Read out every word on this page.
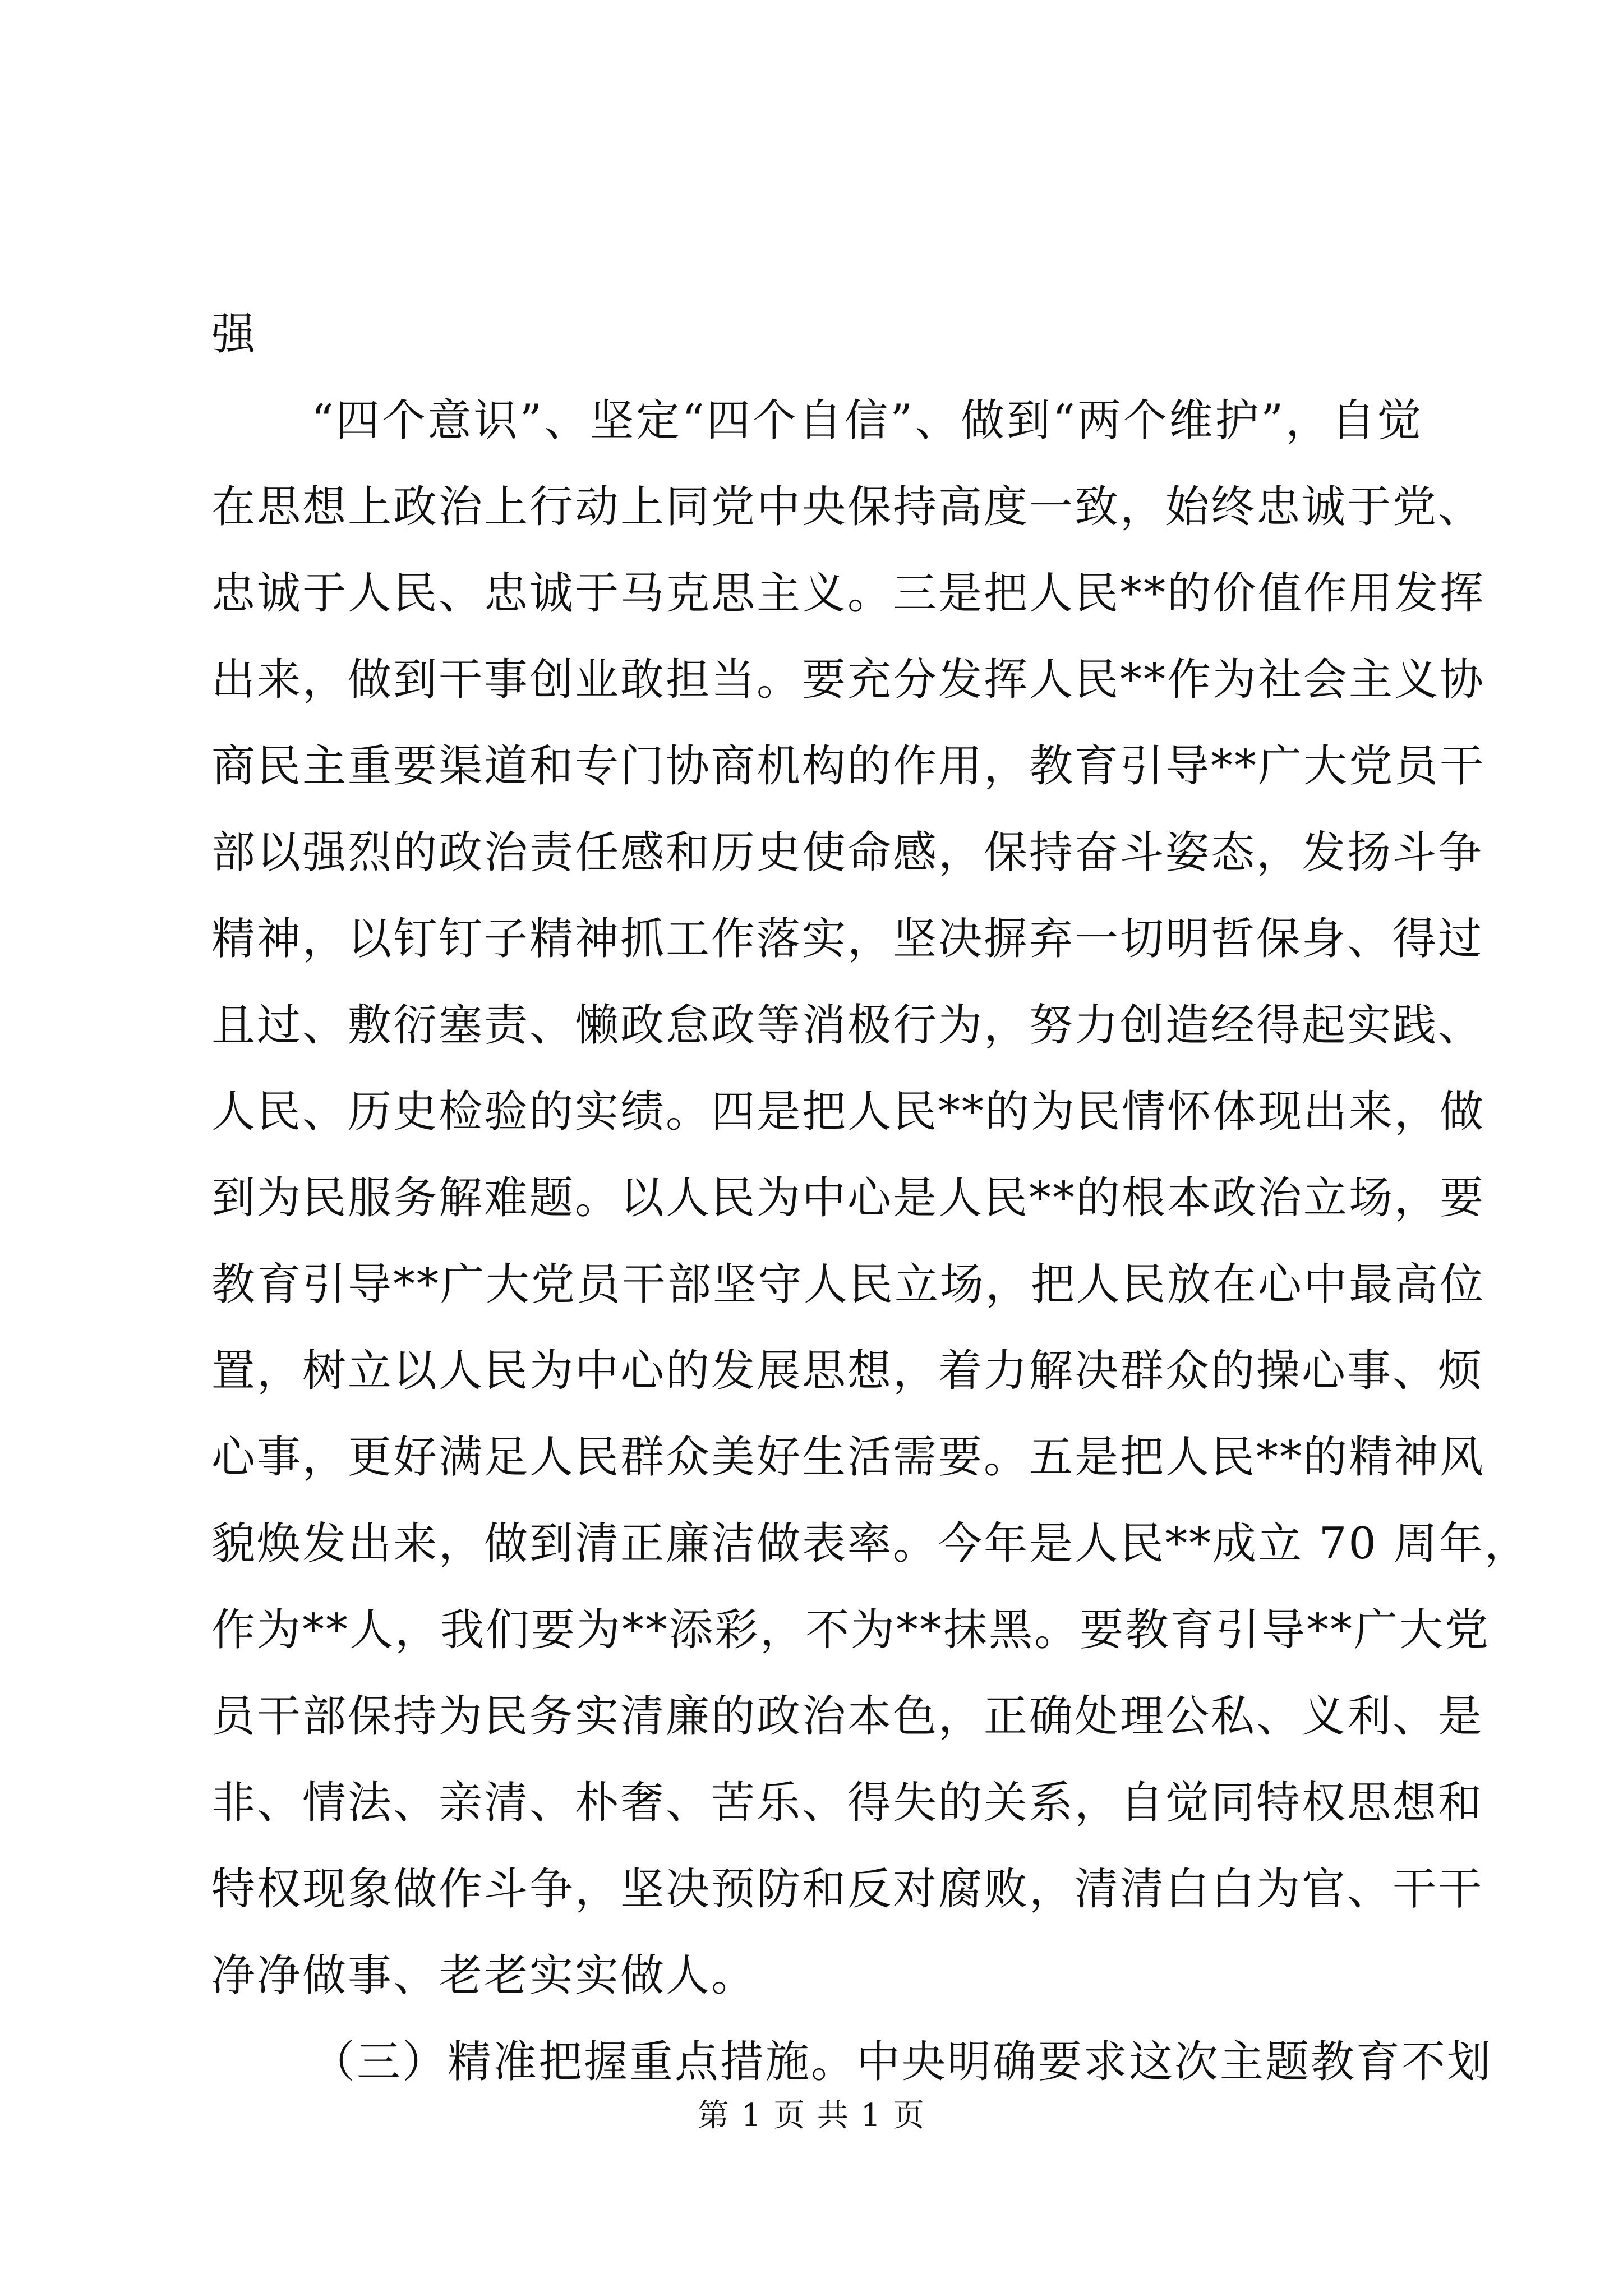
强
“四个意识”、坚定“四个自信”、做到“两个维护”，自觉
在思想上政治上行动上同党中央保持高度一致，始终忠诚于党、
忠诚于人民、忠诚于马克思主义。三是把人民**的价值作用发挥
出来，做到干事创业敢担当。要充分发挥人民**作为社会主义协
商民主重要渠道和专门协商机构的作用，教育引导**广大党员干
部以强烈的政治责任感和历史使命感，保持奋斗姿态，发扬斗争
精神，以钉钉子精神抓工作落实，坚决摒弃一切明哲保身、得过
且过、敷衍塞责、懒政怠政等消极行为，努力创造经得起实践、
人民、历史检验的实绩。四是把人民**的为民情怀体现出来，做
到为民服务解难题。以人民为中心是人民**的根本政治立场，要
教育引导**广大党员干部坚守人民立场，把人民放在心中最高位
置，树立以人民为中心的发展思想，着力解决群众的操心事、烦
心事，更好满足人民群众美好生活需要。五是把人民**的精神风
貌焕发出来，做到清正廉洁做表率。今年是人民**成立 70 周年，
作为**人，我们要为**添彩，不为**抹黑。要教育引导**广大党
员干部保持为民务实清廉的政治本色，正确处理公私、义利、是
非、情法、亲清、朴奢、苦乐、得失的关系，自觉同特权思想和
特权现象做作斗争，坚决预防和反对腐败，清清白白为官、干干
净净做事、老老实实做人。
（三）精准把握重点措施。中央明确要求这次主题教育不划
第 1 页 共 1 页
